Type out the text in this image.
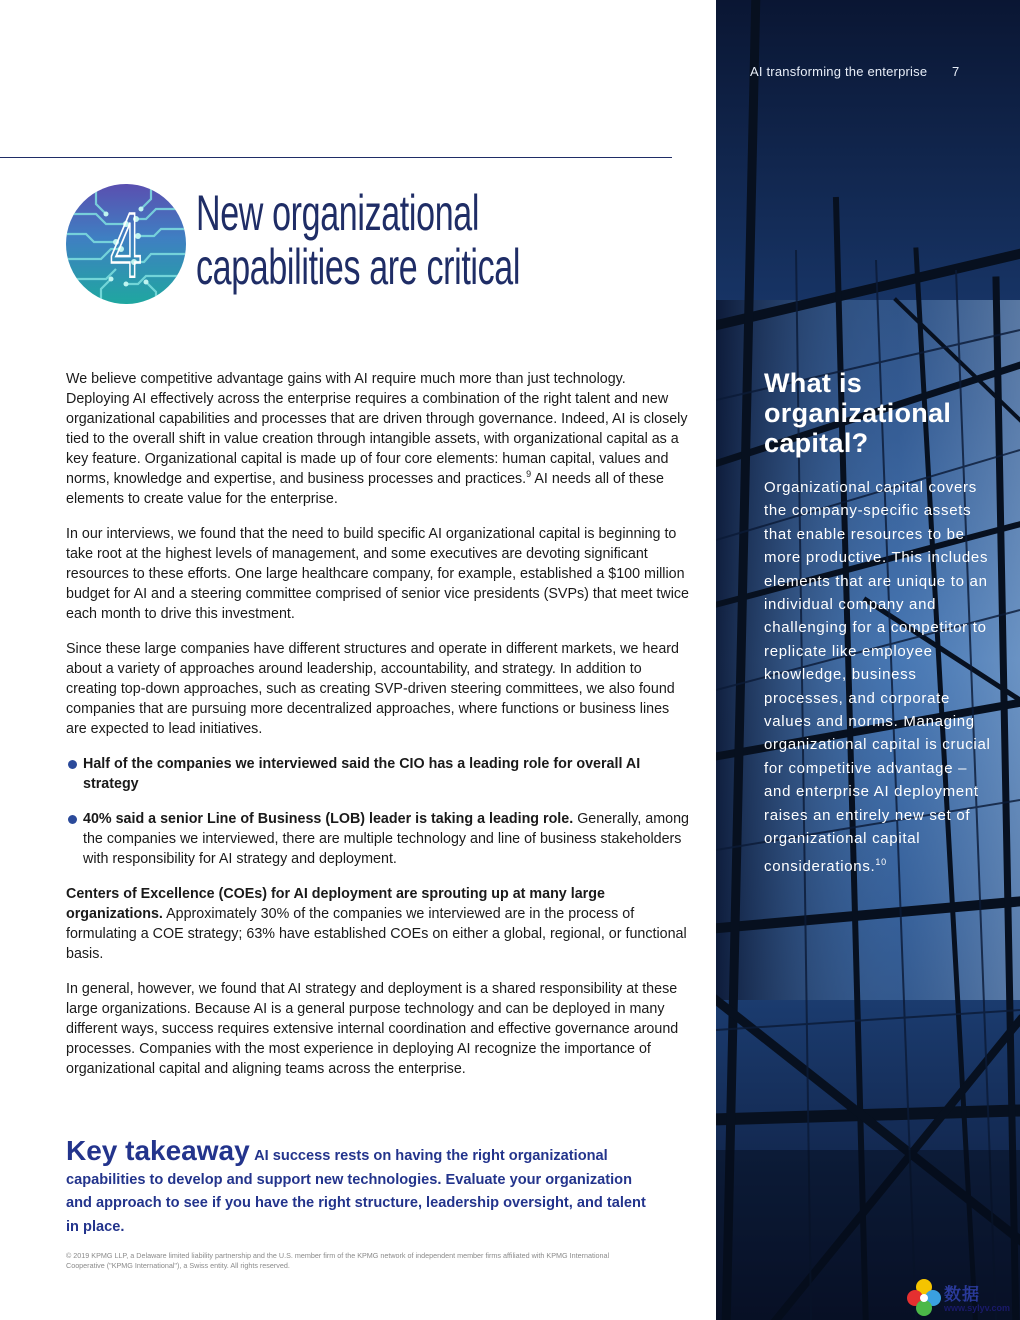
AI transforming the enterprise 7
What is organizational capital?
Organizational capital covers the company-specific assets that enable resources to be more productive. This includes elements that are unique to an individual company and challenging for a competitor to replicate like employee knowledge, business processes, and corporate values and norms. Managing organizational capital is crucial for competitive advantage – and enterprise AI deployment raises an entirely new set of organizational capital considerations.$^{10}$
4 New organizational
capabilities are critical

We believe competitive advantage gains with AI require much more than just technology. Deploying AI effectively across the enterprise requires a combination of the right talent and new organizational capabilities and processes that are driven through governance. Indeed, AI is closely tied to the overall shift in value creation through intangible assets, with organizational capital as a key feature. Organizational capital is made up of four core elements: human capital, values and norms, knowledge and expertise, and business processes and practices.$^9$ AI needs all of these elements to create value for the enterprise.

In our interviews, we found that the need to build specific AI organizational capital is beginning to take root at the highest levels of management, and some executives are devoting significant resources to these efforts. One large healthcare company, for example, established a $100 million budget for AI and a steering committee comprised of senior vice presidents (SVPs) that meet twice each month to drive this investment.

Since these large companies have different structures and operate in different markets, we heard about a variety of approaches around leadership, accountability, and strategy. In addition to creating top-down approaches, such as creating SVP-driven steering committees, we also found companies that are pursuing more decentralized approaches, where functions or business lines are expected to lead initiatives.

Half of the companies we interviewed said the CIO has a leading role for overall AI strategy
40% said a senior Line of Business (LOB) leader is taking a leading role. Generally, among the companies we interviewed, there are multiple technology and line of business stakeholders with responsibility for AI strategy and deployment.

Centers of Excellence (COEs) for AI deployment are sprouting up at many large organizations. Approximately 30% of the companies we interviewed are in the process of formulating a COE strategy; 63% have established COEs on either a global, regional, or functional basis.

In general, however, we found that AI strategy and deployment is a shared responsibility at these large organizations. Because AI is a general purpose technology and can be deployed in many different ways, success requires extensive internal coordination and effective governance around processes. Companies with the most experience in deploying AI recognize the importance of organizational capital and aligning teams across the enterprise.

Key takeaway AI success rests on having the right organizational capabilities to develop and support new technologies. Evaluate your organization and approach to see if you have the right structure, leadership oversight, and talent in place.
© 2019 KPMG LLP, a Delaware limited liability partnership and the U.S. member firm of the KPMG network of independent member firms affiliated with KPMG International Cooperative ("KPMG International"), a Swiss entity. All rights reserved.
数据
www.sylyv.com
